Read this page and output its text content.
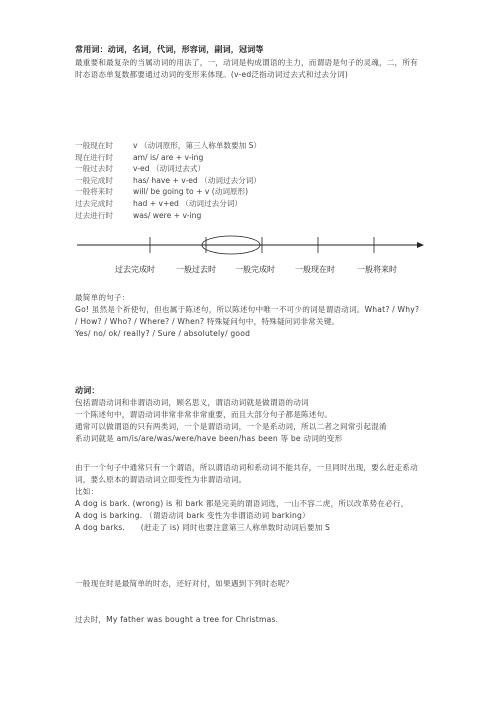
常用词：动词，名词，代词，形容词，副词，冠词等
最重要和最复杂的当属动词的用法了，一，动词是构成谓语的主力，而谓语是句子的灵魂，二，所有时态语态单复数都要通过动词的变形来体现。(v-ed泛指动词过去式和过去分词)
一般现在时	v （动词原形，第三人称单数要加 S）
现在进行时	am/ is/ are + v-ing
一般过去时	v-ed （动词过去式）
一般完成时	has/ have + v-ed （动词过去分词）
一般将来时	will/ be going to + v (动词原形)
过去完成时	had + v+ed （动词过去分词）
过去进行时	was/ were + v-ing
过去完成时	一般过去时 一般完成时	一般现在时	一般将来时
最简单的句子：
Go! 虽然是个祈使句，但也属于陈述句，所以陈述句中唯一不可少的词是谓语动词。What? / Why? / How? / Who? / Where? / When? 特殊疑问句中，特殊疑问词非常关键。
Yes/ no/ ok/ really? / Sure / absolutely/ good
动词：
包括谓语动词和非谓语动词，顾名思义，谓语动词就是做谓语的动词
一个陈述句中，谓语动词非常非常非常重要，而且大部分句子都是陈述句。
通常可以做谓语的只有两类词，一个是谓语动词，一个是系动词，所以二者之间常引起混淆
系动词就是 am/is/are/was/were/have been/has been 等 be 动词的变形
由于一个句子中通常只有一个谓语，所以谓语动词和系动词不能共存，一旦同时出现，要么赶走系动词，要么原本的谓语动词立即变性为非谓语动词。
比如：
A dog is bark. (wrong) is 和 bark 都是完美的谓语词选，一山不容二虎，所以改革势在必行，
A dog is barking. （谓语动词 bark 变性为非谓语动词 barking）
A dog barks.      (赶走了 is) 同时也要注意第三人称单数时动词后要加 S
一般现在时是最简单的时态，还好对付，如果遇到下列时态呢？
过去时，My father was bought a tree for Christmas.
